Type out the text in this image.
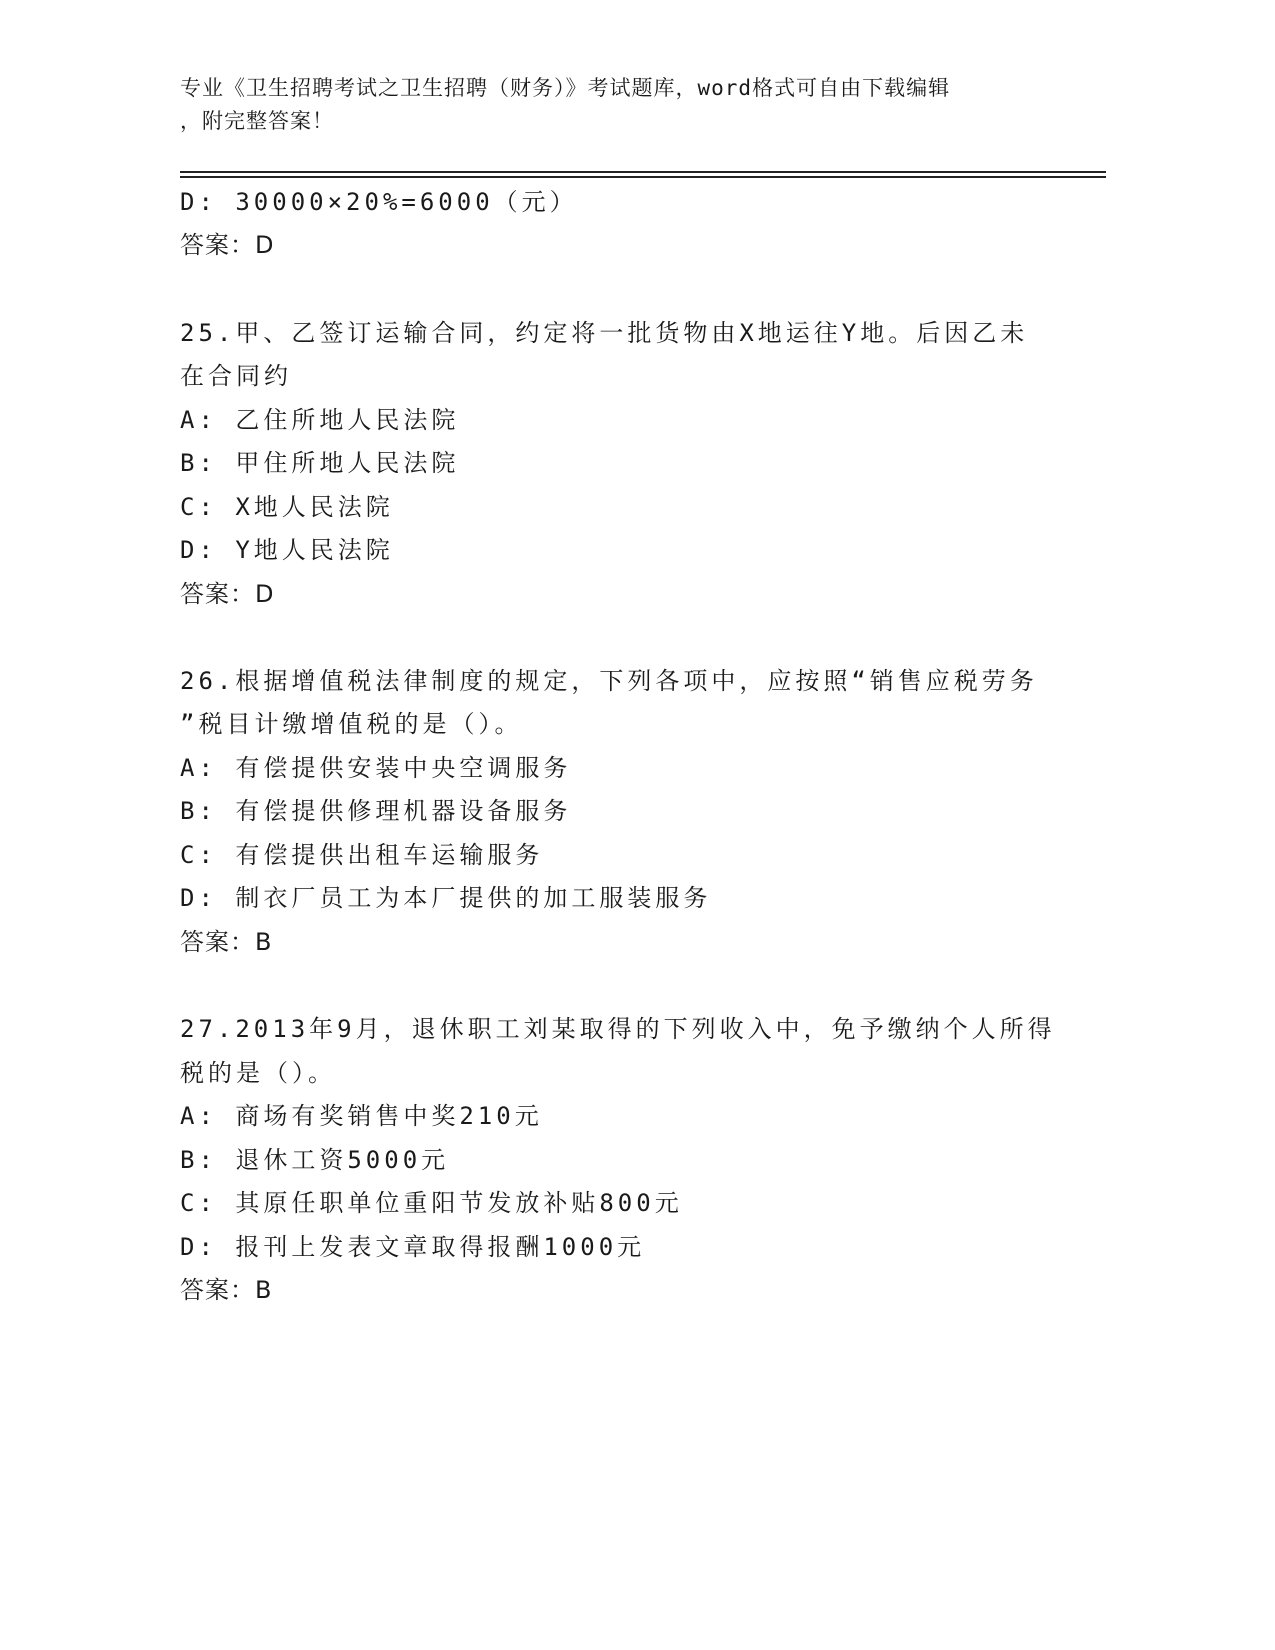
专业《卫生招聘考试之卫生招聘（财务）》考试题库，word格式可自由下载编辑
，附完整答案！
D: 30000×20%=6000（元）
答案：D
25.甲、乙签订运输合同，约定将一批货物由X地运往Y地。后因乙未
在合同约
A: 乙住所地人民法院
B: 甲住所地人民法院
C: X地人民法院
D: Y地人民法院
答案：D
26.根据增值税法律制度的规定，下列各项中，应按照“销售应税劳务
”税目计缴增值税的是（）。
A: 有偿提供安装中央空调服务
B: 有偿提供修理机器设备服务
C: 有偿提供出租车运输服务
D: 制衣厂员工为本厂提供的加工服装服务
答案：B
27.2013年9月，退休职工刘某取得的下列收入中，免予缴纳个人所得
税的是（）。
A: 商场有奖销售中奖210元
B: 退休工资5000元
C: 其原任职单位重阳节发放补贴800元
D: 报刊上发表文章取得报酬1000元
答案：B
